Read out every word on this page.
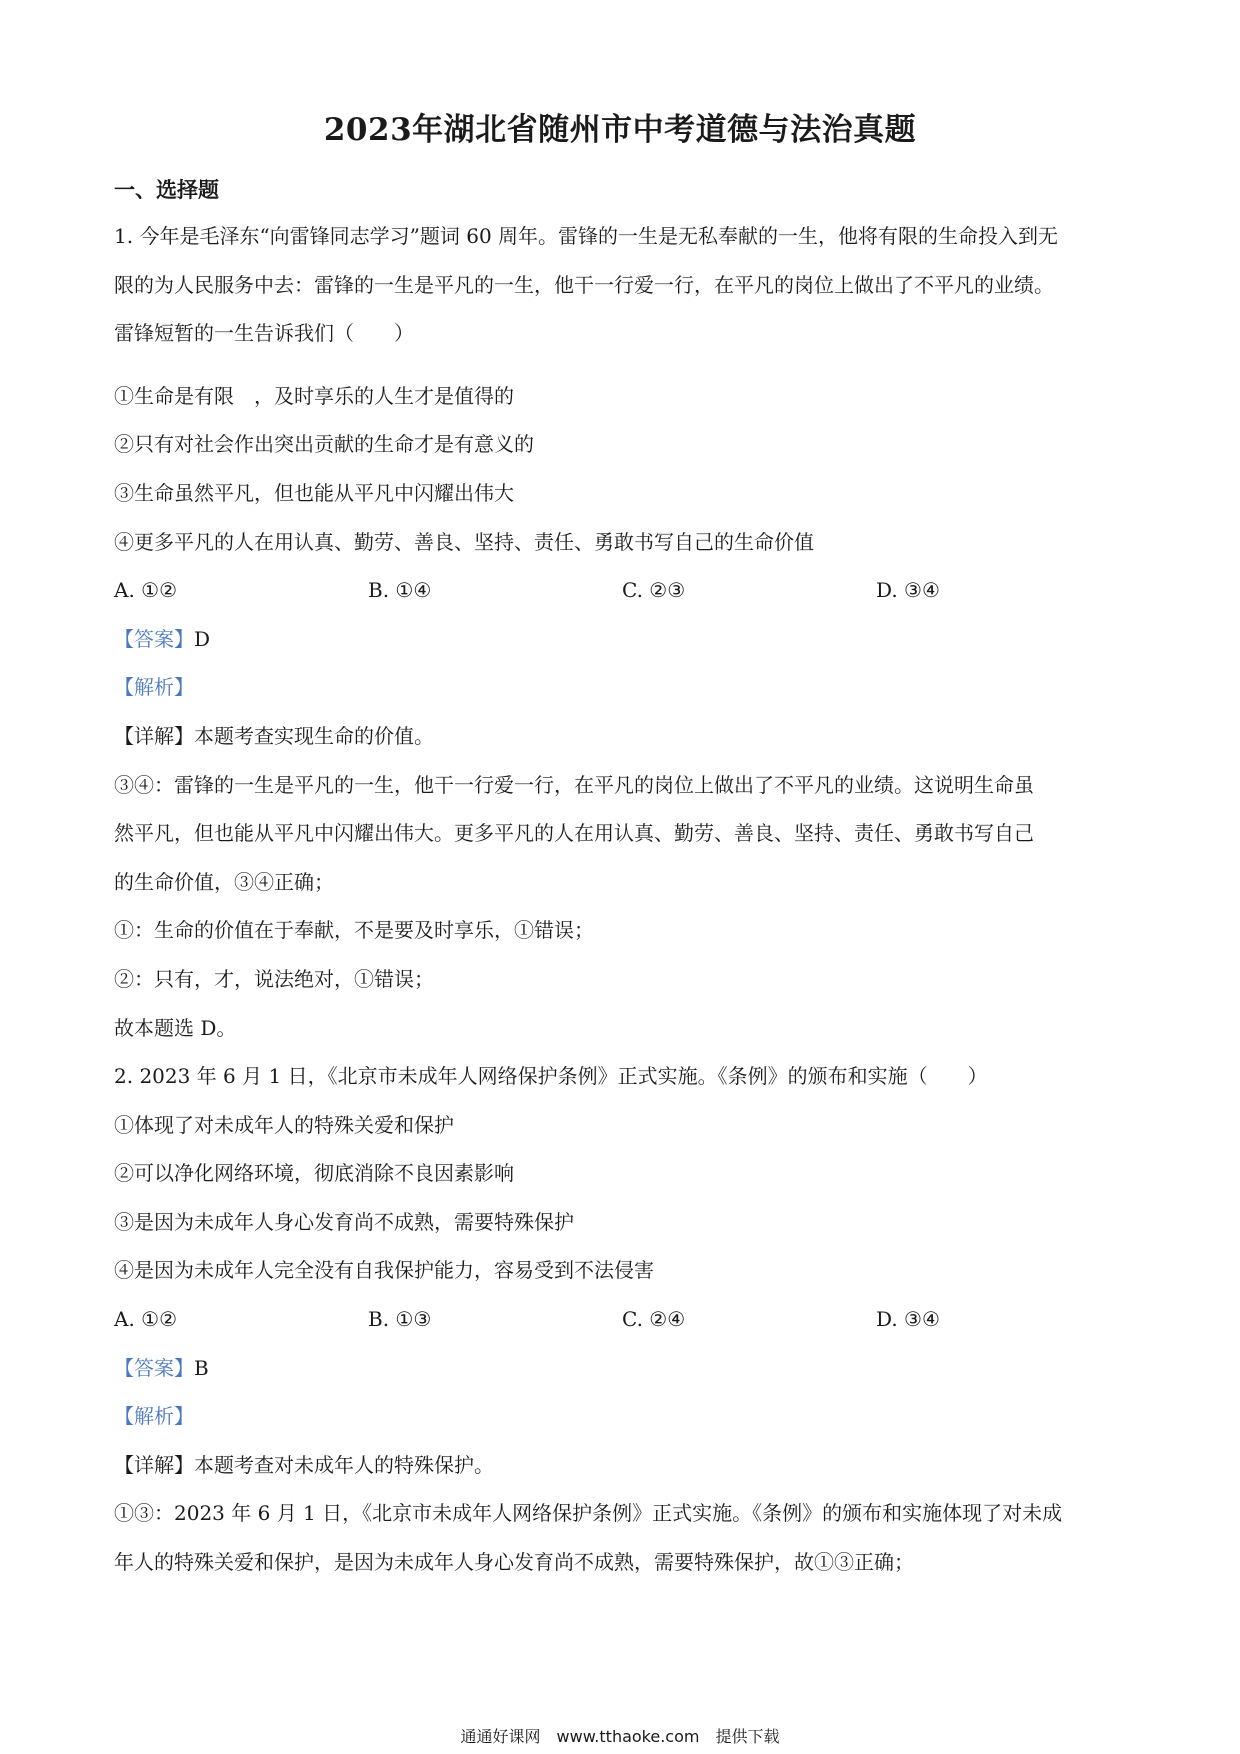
2023年湖北省随州市中考道德与法治真题
一、选择题
1. 今年是毛泽东“向雷锋同志学习”题词 60 周年。雷锋的一生是无私奉献的一生，他将有限的生命投入到无
限的为人民服务中去：雷锋的一生是平凡的一生，他干一行爱一行，在平凡的岗位上做出了不平凡的业绩。
雷锋短暂的一生告诉我们（　　）
①生命是有限　，及时享乐的人生才是值得的
②只有对社会作出突出贡献的生命才是有意义的
③生命虽然平凡，但也能从平凡中闪耀出伟大
④更多平凡的人在用认真、勤劳、善良、坚持、责任、勇敢书写自己的生命价值
A. ①②	B. ①④	C. ②③	D. ③④
【答案】D
【解析】
【详解】本题考查实现生命的价值。
③④：雷锋的一生是平凡的一生，他干一行爱一行，在平凡的岗位上做出了不平凡的业绩。这说明生命虽
然平凡，但也能从平凡中闪耀出伟大。更多平凡的人在用认真、勤劳、善良、坚持、责任、勇敢书写自己
的生命价值，③④正确；
①：生命的价值在于奉献，不是要及时享乐，①错误；
②：只有，才，说法绝对，①错误；
故本题选 D。
2. 2023 年 6 月 1 日，《北京市未成年人网络保护条例》正式实施。《条例》的颁布和实施（　　）
①体现了对未成年人的特殊关爱和保护
②可以净化网络环境，彻底消除不良因素影响
③是因为未成年人身心发育尚不成熟，需要特殊保护
④是因为未成年人完全没有自我保护能力，容易受到不法侵害
A. ①②	B. ①③	C. ②④	D. ③④
【答案】B
【解析】
【详解】本题考查对未成年人的特殊保护。
①③：2023 年 6 月 1 日，《北京市未成年人网络保护条例》正式实施。《条例》的颁布和实施体现了对未成
年人的特殊关爱和保护，是因为未成年人身心发育尚不成熟，需要特殊保护，故①③正确；
通通好课网　www.tthaoke.com　提供下载
